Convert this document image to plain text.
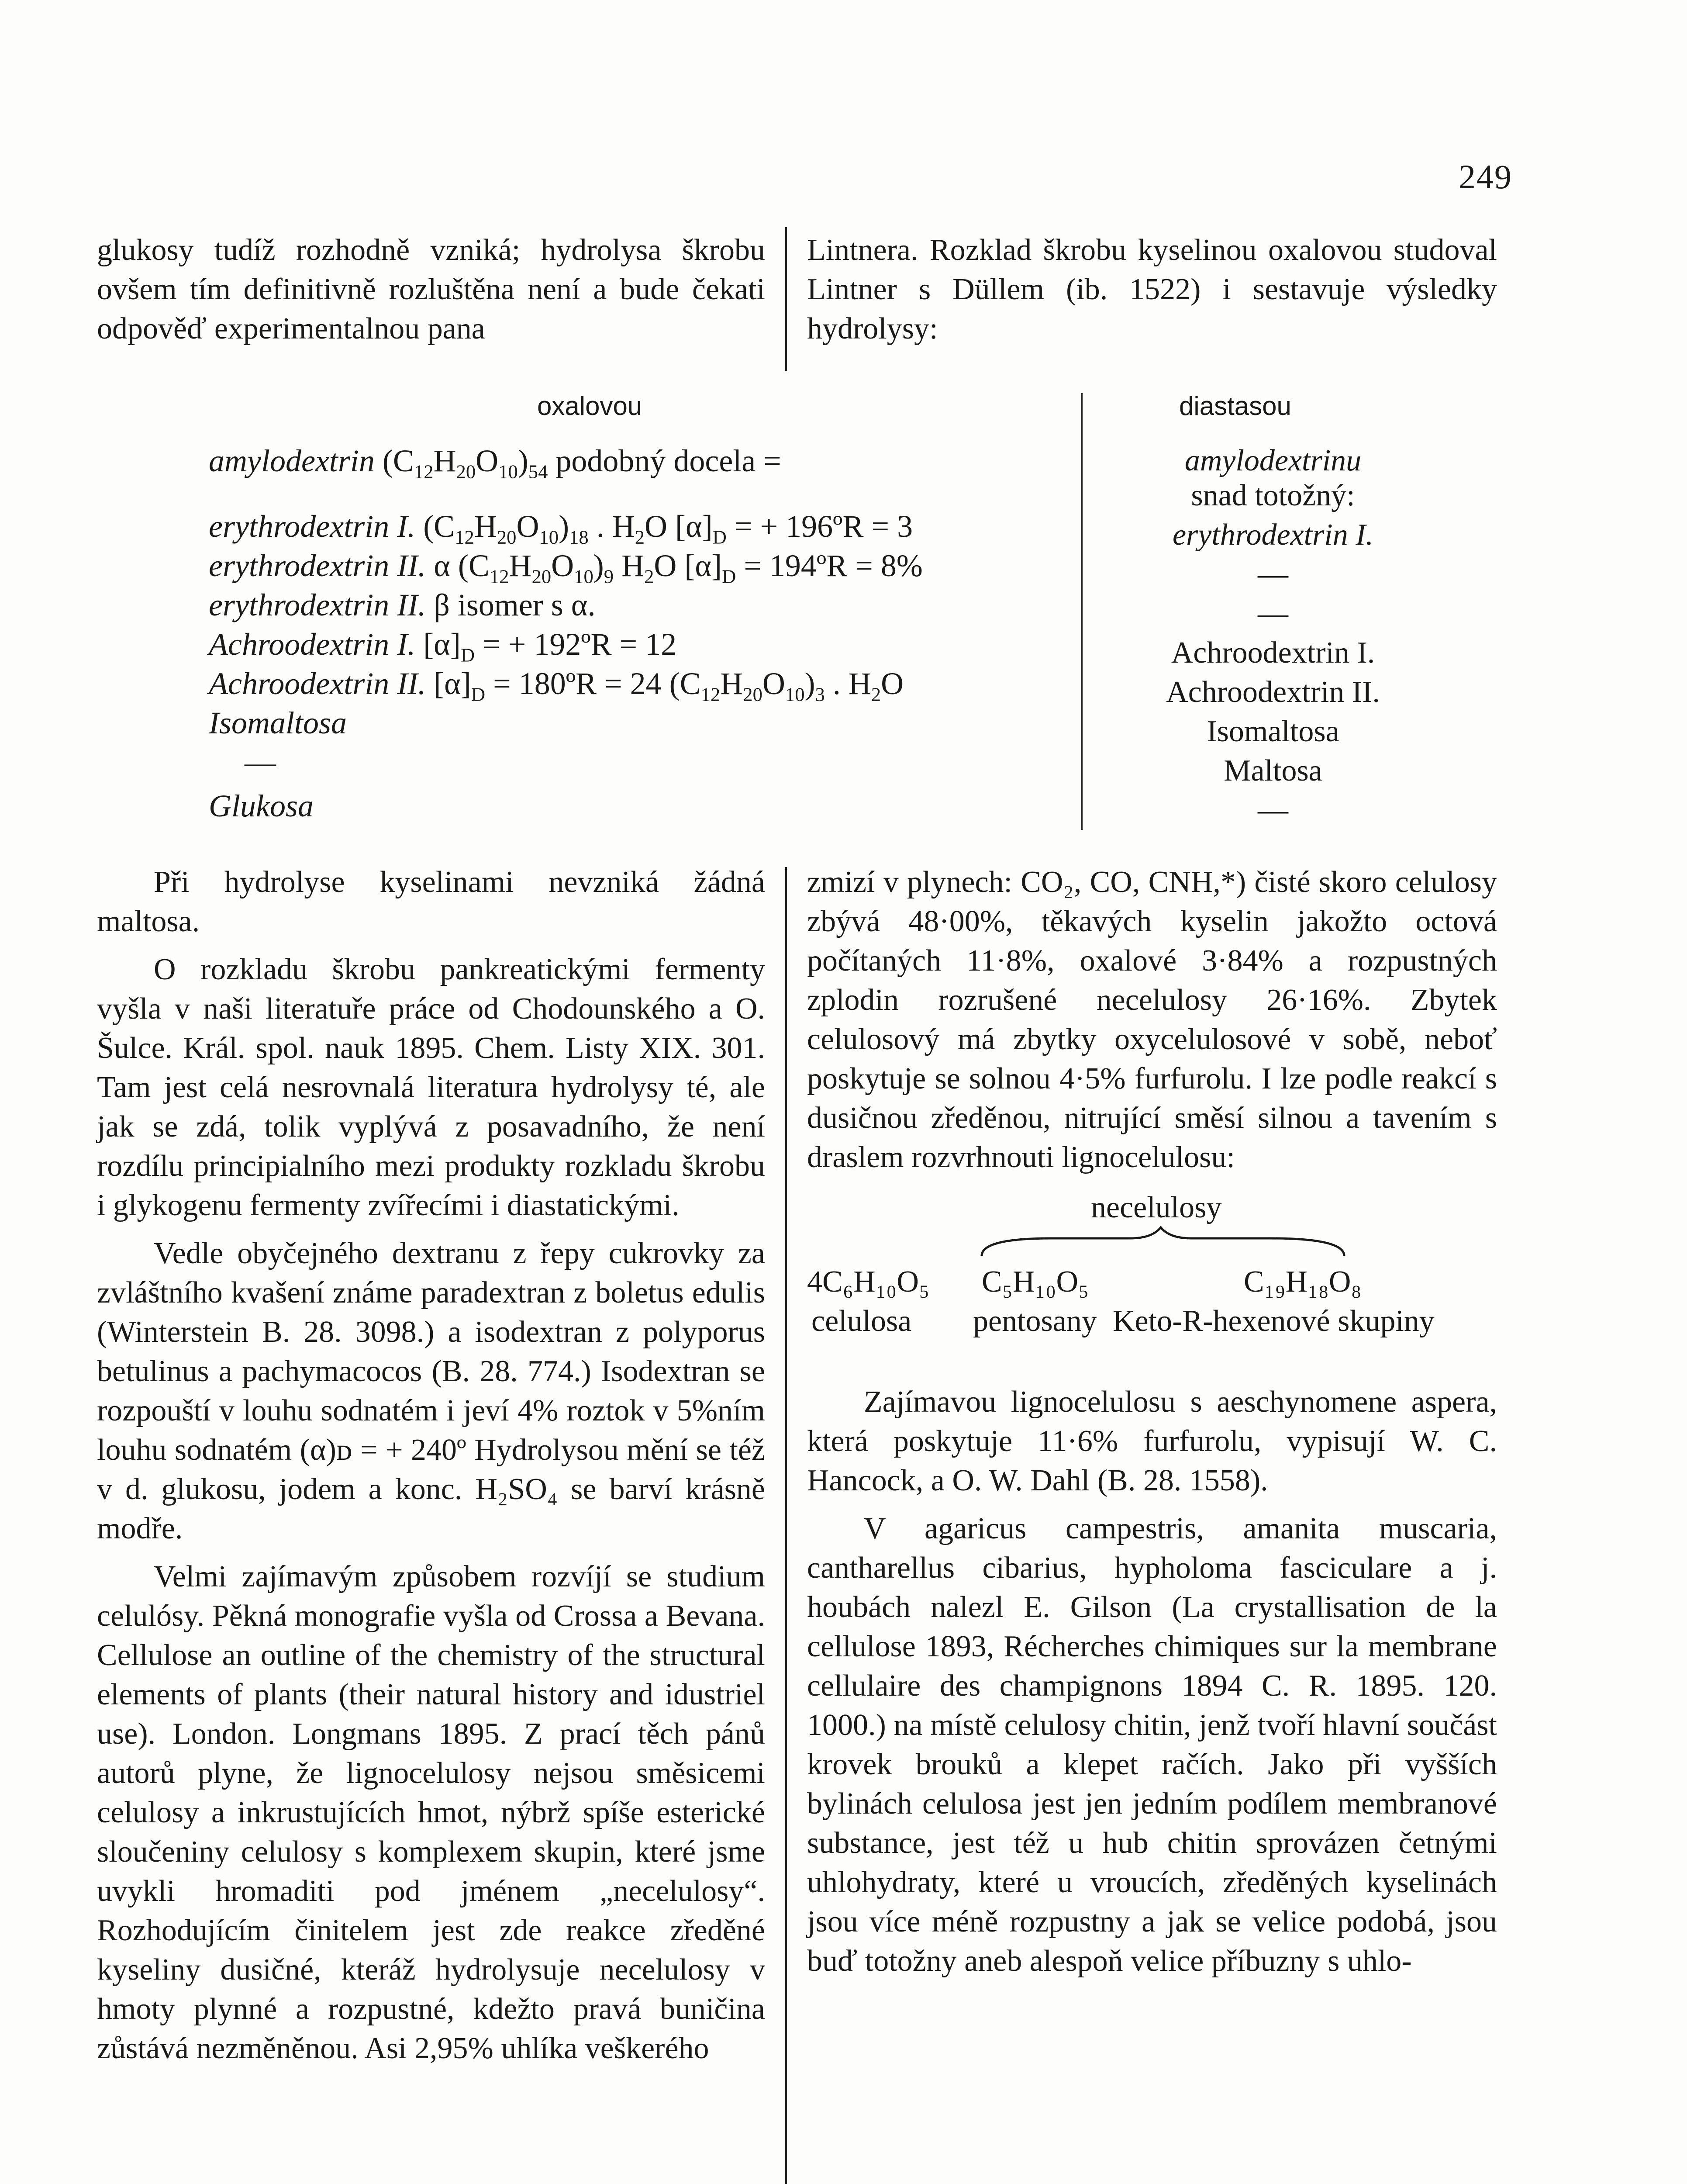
249

glukosy tudíž rozhodně vzniká; hydrolysa škrobu ovšem tím definitivně rozluštěna není a bude čekati odpověď experimentalnou pana

Lintnera. Rozklad škrobu kyselinou oxalovou studoval Lintner s Düllem (ib. 1522) i sestavuje výsledky hydrolysy:

oxalovou	diastasou
amylodextrin $(C_{12}H_{20}O_{10})_{54}$ podobný docela =
erythrodextrin I. $(C_{12}H_{20}O_{10})_{18}$ . $H_2O$ $[\alpha]_D$ = + 196ºR = 3
erythrodextrin II. α $(C_{12}H_{20}O_{10})_9$ $H_2O$ $[\alpha]_D$ = 194ºR = 8%
erythrodextrin II. β isomer s α.
Achroodextrin I. $[\alpha]_D$ = + 192ºR = 12
Achroodextrin II. $[\alpha]_D$ = 180ºR = 24 $(C_{12}H_{20}O_{10})_3$ . $H_2O$
Isomaltosa
—
Glukosa
amylodextrinu
snad totožný:
erythrodextrin I.
—
—
Achroodextrin I.
Achroodextrin II.
Isomaltosa
Maltosa
—

Při hydrolyse kyselinami nevzniká žádná maltosa.

O rozkladu škrobu pankreatickými fermenty vyšla v naši literatuře práce od Chodounského a O. Šulce. Král. spol. nauk 1895. Chem. Listy XIX. 301. Tam jest celá nesrovnalá literatura hydrolysy té, ale jak se zdá, tolik vyplývá z posavadního, že není rozdílu principialního mezi produkty rozkladu škrobu i glykogenu fermenty zvířecími i diastatickými.

Vedle obyčejného dextranu z řepy cukrovky za zvláštního kvašení známe paradextran z boletus edulis (Winterstein B. 28. 3098.) a isodextran z polyporus betulinus a pachymacocos (B. 28. 774.) Isodextran se rozpouští v louhu sodnatém i jeví 4% roztok v 5%ním louhu sodnatém (α)ᴅ = + 240º Hydrolysou mění se též v d. glukosu, jodem a konc. H₂SO₄ se barví krásně modře.

Velmi zajímavým způsobem rozvíjí se studium celulósy. Pěkná monografie vyšla od Crossa a Bevana. Cellulose an outline of the chemistry of the structural elements of plants (their natural history and idustriel use). London. Longmans 1895. Z prací těch pánů autorů plyne, že lignocelulosy nejsou směsicemi celulosy a inkrustujících hmot, nýbrž spíše esterické sloučeniny celulosy s komplexem skupin, které jsme uvykli hromaditi pod jménem „necelulosy“. Rozhodujícím činitelem jest zde reakce zředěné kyseliny dusičné, kteráž hydrolysuje necelulosy v hmoty plynné a rozpustné, kdežto pravá buničina zůstává nezměněnou. Asi 2,95% uhlíka veškerého

zmizí v plynech: CO₂, CO, CNH,*) čisté skoro celulosy zbývá 48·00%, těkavých kyselin jakožto octová počítaných 11·8%, oxalové 3·84% a rozpustných zplodin rozrušené necelulosy 26·16%. Zbytek celulosový má zbytky oxycelulosové v sobě, neboť poskytuje se solnou 4·5% furfurolu. I lze podle reakcí s dusičnou zředěnou, nitrující směsí silnou a tavením s draslem rozvrhnouti lignocelulosu:

necelulosy
4C₆H₁₀O₅ C₅H₁₀O₅	C₁₉H₁₈O₈
celulosa pentosany Keto-R-hexenové skupiny

Zajímavou lignocelulosu s aeschynomene aspera, která poskytuje 11·6% furfurolu, vypisují W. C. Hancock, a O. W. Dahl (B. 28. 1558).

V agaricus campestris, amanita muscaria, cantharellus cibarius, hypholoma fasciculare a j. houbách nalezl E. Gilson (La crystallisation de la cellulose 1893, Récherches chimiques sur la membrane cellulaire des champignons 1894 C. R. 1895. 120. 1000.) na místě celulosy chitin, jenž tvoří hlavní součást krovek brouků a klepet račích. Jako při vyšších bylinách celulosa jest jen jedním podílem membranové substance, jest též u hub chitin sprovázen četnými uhlohydraty, které u vroucích, zředěných kyselinách jsou více méně rozpustny a jak se velice podobá, jsou buď totožny aneb alespoň velice příbuzny s uhlo-
